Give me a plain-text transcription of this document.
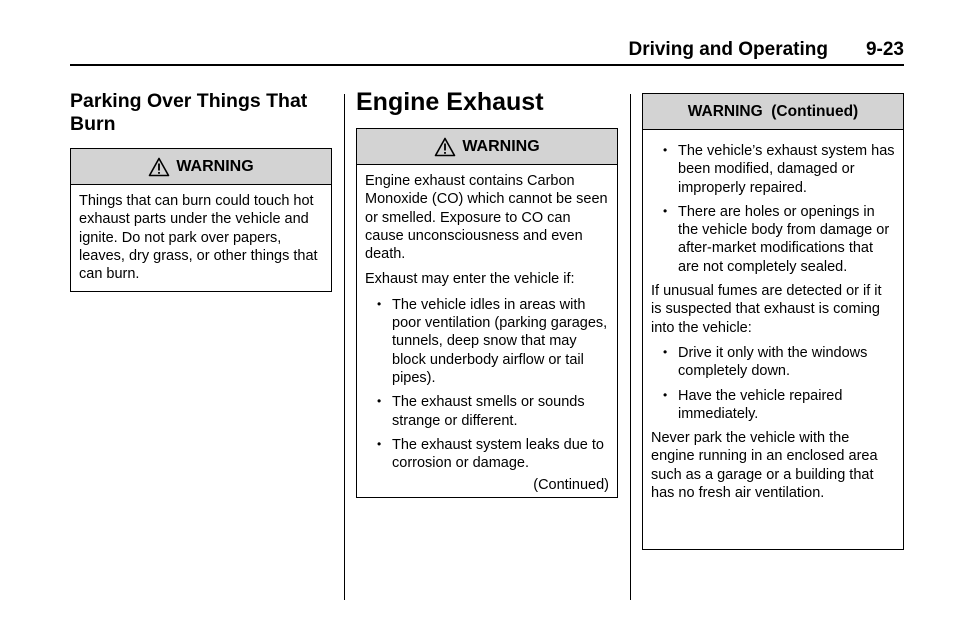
Driving and Operating 9-23
Parking Over Things That Burn
WARNING

Things that can burn could touch hot exhaust parts under the vehicle and ignite. Do not park over papers, leaves, dry grass, or other things that can burn.

Engine Exhaust
WARNING

Engine exhaust contains Carbon Monoxide (CO) which cannot be seen or smelled. Exposure to CO can cause unconsciousness and even death.

Exhaust may enter the vehicle if:

• The vehicle idles in areas with poor ventilation (parking garages, tunnels, deep snow that may block underbody airflow or tail pipes).
• The exhaust smells or sounds strange or different.
• The exhaust system leaks due to corrosion or damage.
(Continued)
WARNING  (Continued)
• The vehicle’s exhaust system has been modified, damaged or improperly repaired.
• There are holes or openings in the vehicle body from damage or after-market modifications that are not completely sealed.

If unusual fumes are detected or if it is suspected that exhaust is coming into the vehicle:

• Drive it only with the windows completely down.
• Have the vehicle repaired immediately.

Never park the vehicle with the engine running in an enclosed area such as a garage or a building that has no fresh air ventilation.
